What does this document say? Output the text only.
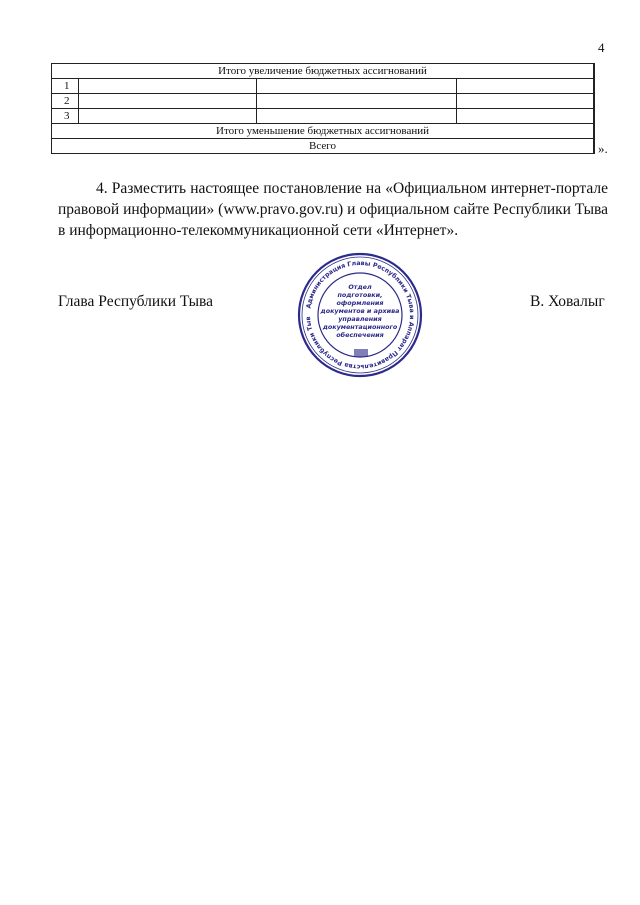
4
Итого увеличение бюджетных ассигнований				
1				
2				
3				
Итого уменьшение бюджетных ассигнований				
Всего					».
4. Разместить настоящее постановление на «Официальном интернет-портале правовой информации» (www.pravo.gov.ru) и официальном сайте Республики Тыва в информационно-телекоммуникационной сети «Интернет».
Глава Республики Тыва	Администрация Главы Республики Тыва и Аппарат Правительства Республики Тыв
Отдел
подготовки,
оформления
документов и архива
управления
документационного
обеспечения
В. Ховалыг
